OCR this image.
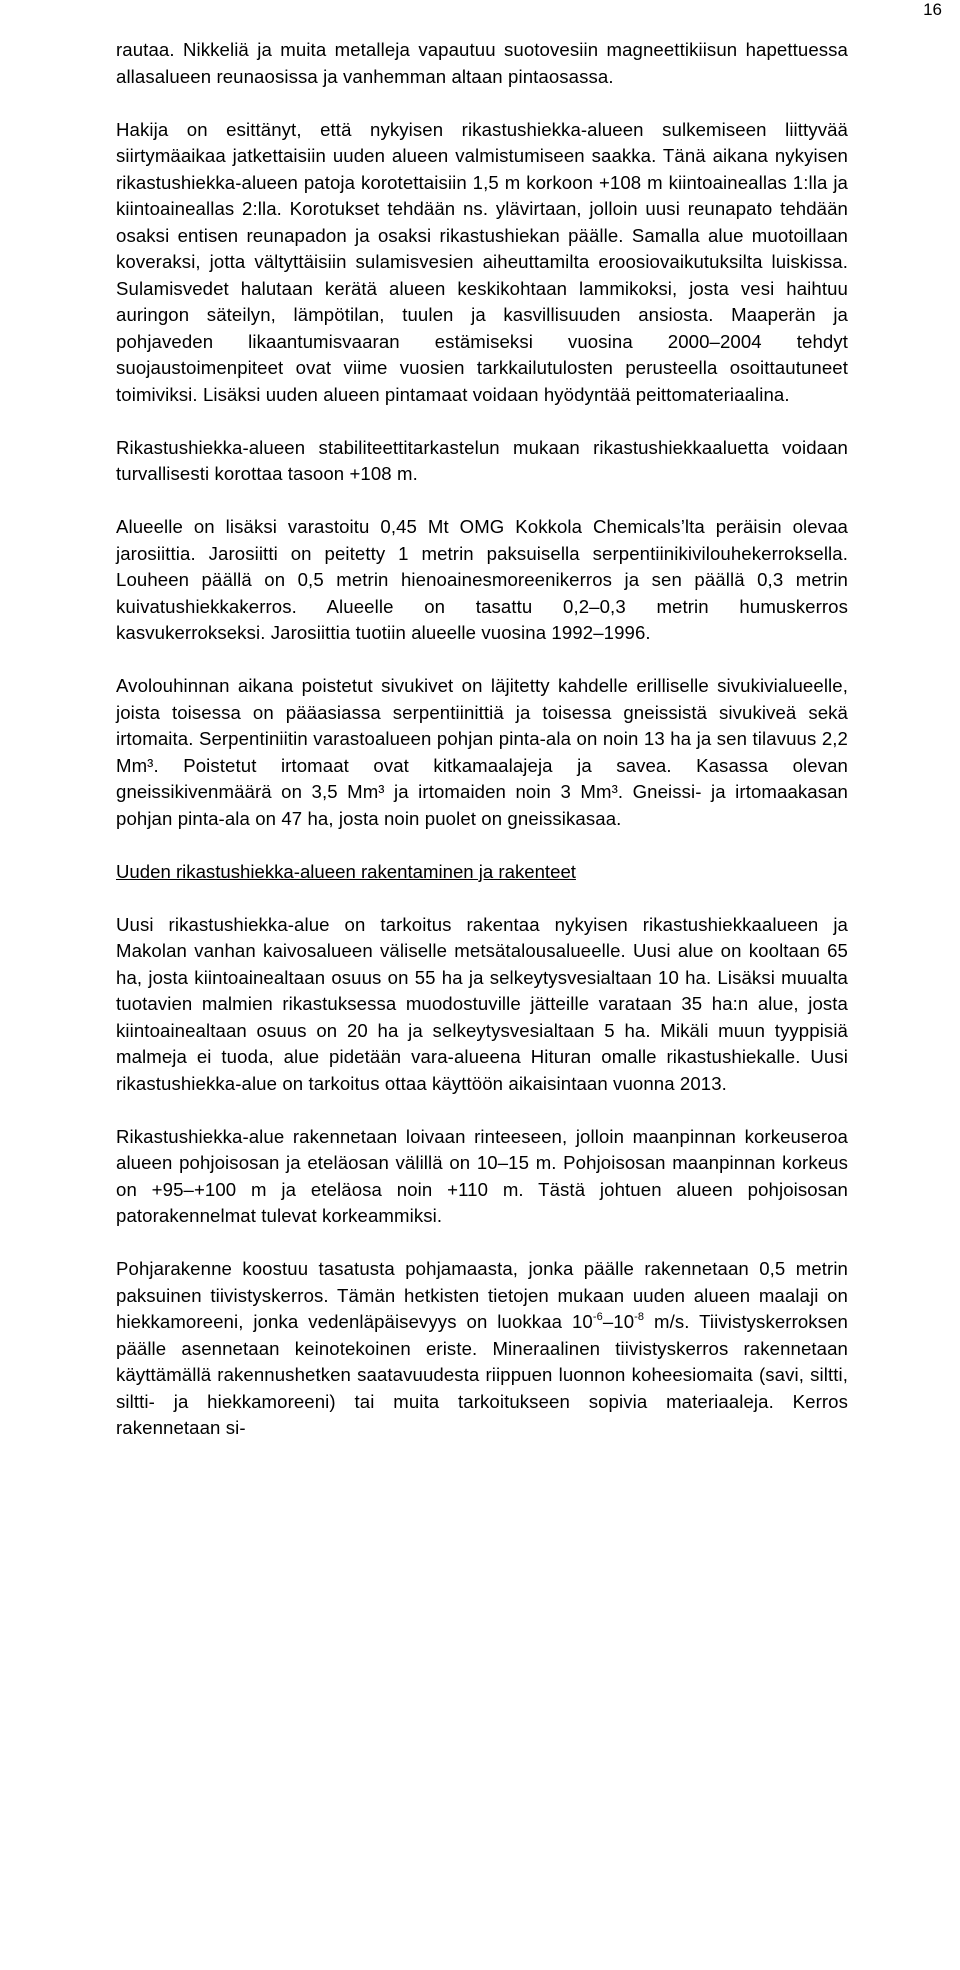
16

rautaa. Nikkeliä ja muita metalleja vapautuu suotovesiin magneettikiisun hapettuessa allasalueen reunaosissa ja vanhemman altaan pintaosassa.

Hakija on esittänyt, että nykyisen rikastushiekka-alueen sulkemiseen liittyvää siirtymäaikaa jatkettaisiin uuden alueen valmistumiseen saakka. Tänä aikana nykyisen rikastushiekka-alueen patoja korotettaisiin 1,5 m korkoon +108 m kiintoaineallas 1:lla ja kiintoaineallas 2:lla. Korotukset tehdään ns. ylävirtaan, jolloin uusi reunapato tehdään osaksi entisen reunapadon ja osaksi rikastushiekan päälle. Samalla alue muotoillaan koveraksi, jotta vältyttäisiin sulamisvesien aiheuttamilta eroosiovaikutuksilta luiskissa. Sulamisvedet halutaan kerätä alueen keskikohtaan lammikoksi, josta vesi haihtuu auringon säteilyn, lämpötilan, tuulen ja kasvillisuuden ansiosta. Maaperän ja pohjaveden likaantumisvaaran estämiseksi vuosina 2000–2004 tehdyt suojaustoimenpiteet ovat viime vuosien tarkkailutulosten perusteella osoittautuneet toimiviksi. Lisäksi uuden alueen pintamaat voidaan hyödyntää peittomateriaalina.

Rikastushiekka-alueen stabiliteettitarkastelun mukaan rikastushiekkaaluetta voidaan turvallisesti korottaa tasoon +108 m.

Alueelle on lisäksi varastoitu 0,45 Mt OMG Kokkola Chemicals’lta peräisin olevaa jarosiittia. Jarosiitti on peitetty 1 metrin paksuisella serpentiinikivilouhekerroksella. Louheen päällä on 0,5 metrin hienoainesmoreenikerros ja sen päällä 0,3 metrin kuivatushiekkakerros. Alueelle on tasattu 0,2–0,3 metrin humuskerros kasvukerrokseksi. Jarosiittia tuotiin alueelle vuosina 1992–1996.

Avolouhinnan aikana poistetut sivukivet on läjitetty kahdelle erilliselle sivukivialueelle, joista toisessa on pääasiassa serpentiinittiä ja toisessa gneissistä sivukiveä sekä irtomaita. Serpentiniitin varastoalueen pohjan pinta-ala on noin 13 ha ja sen tilavuus 2,2 Mm³. Poistetut irtomaat ovat kitkamaalajeja ja savea. Kasassa olevan gneissikivenmäärä on 3,5 Mm³ ja irtomaiden noin 3 Mm³. Gneissi- ja irtomaakasan pohjan pinta-ala on 47 ha, josta noin puolet on gneissikasaa.

Uuden rikastushiekka-alueen rakentaminen ja rakenteet

Uusi rikastushiekka-alue on tarkoitus rakentaa nykyisen rikastushiekkaalueen ja Makolan vanhan kaivosalueen väliselle metsätalousalueelle. Uusi alue on kooltaan 65 ha, josta kiintoainealtaan osuus on 55 ha ja selkeytysvesialtaan 10 ha. Lisäksi muualta tuotavien malmien rikastuksessa muodostuville jätteille varataan 35 ha:n alue, josta kiintoainealtaan osuus on 20 ha ja selkeytysvesialtaan 5 ha. Mikäli muun tyyppisiä malmeja ei tuoda, alue pidetään vara-alueena Hituran omalle rikastushiekalle. Uusi rikastushiekka-alue on tarkoitus ottaa käyttöön aikaisintaan vuonna 2013.

Rikastushiekka-alue rakennetaan loivaan rinteeseen, jolloin maanpinnan korkeuseroa alueen pohjoisosan ja eteläosan välillä on 10–15 m. Pohjoisosan maanpinnan korkeus on +95–+100 m ja eteläosa noin +110 m. Tästä johtuen alueen pohjoisosan patorakennelmat tulevat korkeammiksi.

Pohjarakenne koostuu tasatusta pohjamaasta, jonka päälle rakennetaan 0,5 metrin paksuinen tiivistyskerros. Tämän hetkisten tietojen mukaan uuden alueen maalaji on hiekkamoreeni, jonka vedenläpäisevyys on luokkaa $10^{-6}-10^{-8}$ m/s. Tiivistyskerroksen päälle asennetaan keinotekoinen eriste. Mineraalinen tiivistyskerros rakennetaan käyttämällä rakennushetken saatavuudesta riippuen luonnon koheesiomaita (savi, siltti, siltti- ja hiekkamoreeni) tai muita tarkoitukseen sopivia materiaaleja. Kerros rakennetaan si-
